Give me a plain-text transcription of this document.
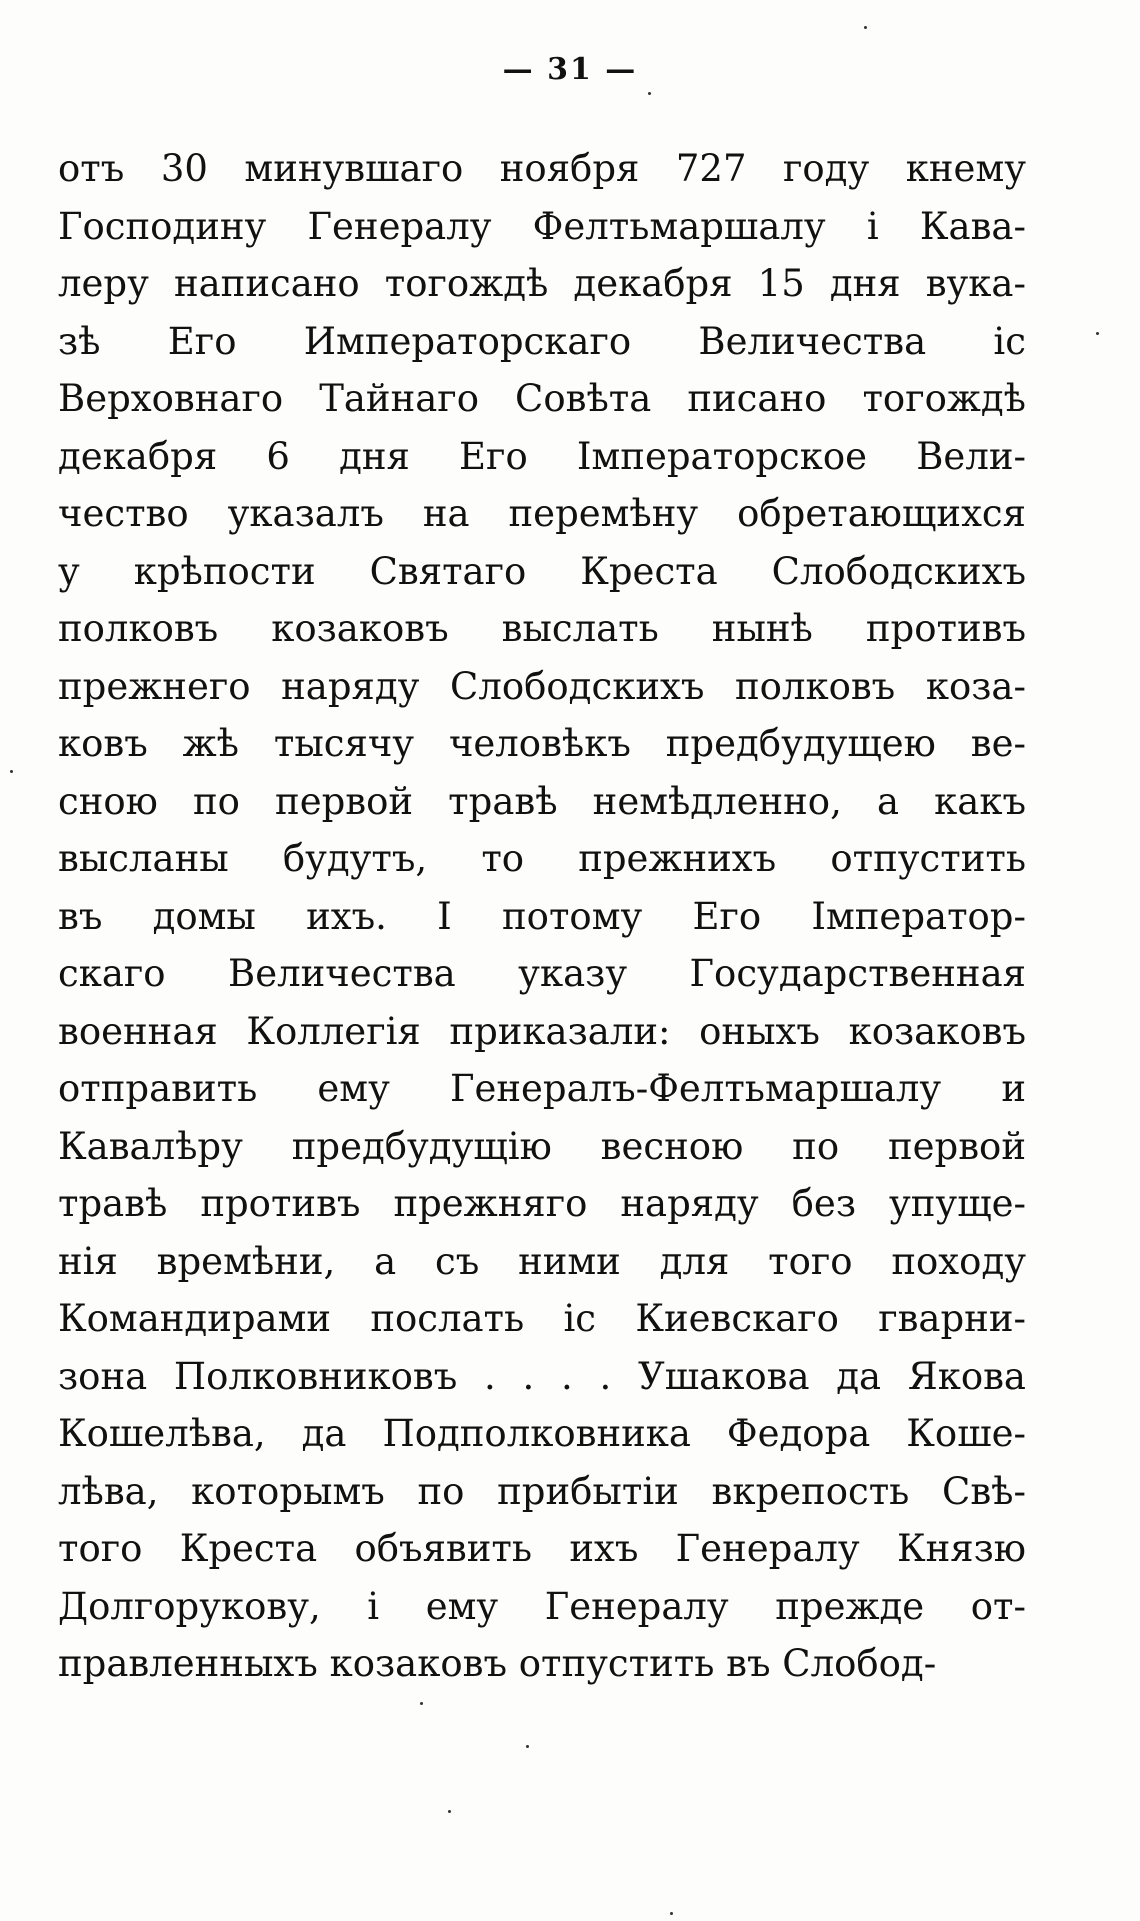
— 31 —
отъ 30 минувшаго ноября 727 году кнему
Господину Генералу Фелтьмаршалу і Кава-
леру написано тогождѣ декабря 15 дня вука-
зѣ Его Императорскаго Величества іс
Верховнаго Тайнаго Совѣта писано тогождѣ
декабря 6 дня Его Імператорское Вели-
чество указалъ на перемѣну обретающихся
у крѣпости Святаго Креста Слободскихъ
полковъ козаковъ выслать нынѣ противъ
прежнего наряду Слободскихъ полковъ коза-
ковъ жѣ тысячу человѣкъ предбудущею ве-
сною по первой травѣ немѣдленно, а какъ
высланы будутъ, то прежнихъ отпустить
въ домы ихъ. І потому Его Імператор-
скаго Величества указу Государственная
военная Коллегія приказали: оныхъ козаковъ
отправить ему Генералъ-Фелтьмаршалу и
Кавалѣру предбудущію весною по первой
травѣ противъ прежняго наряду без упуще-
нія времѣни, а съ ними для того походу
Командирами послать іс Киевскаго гварни-
зона Полковниковъ . . . . Ушакова да Якова
Кошелѣва, да Подполковника Федора Коше-
лѣва, которымъ по прибытіи вкрепость Свѣ-
того Креста объявить ихъ Генералу Князю
Долгорукову, і ему Генералу прежде от-
правленныхъ козаковъ отпустить въ Слобод-
